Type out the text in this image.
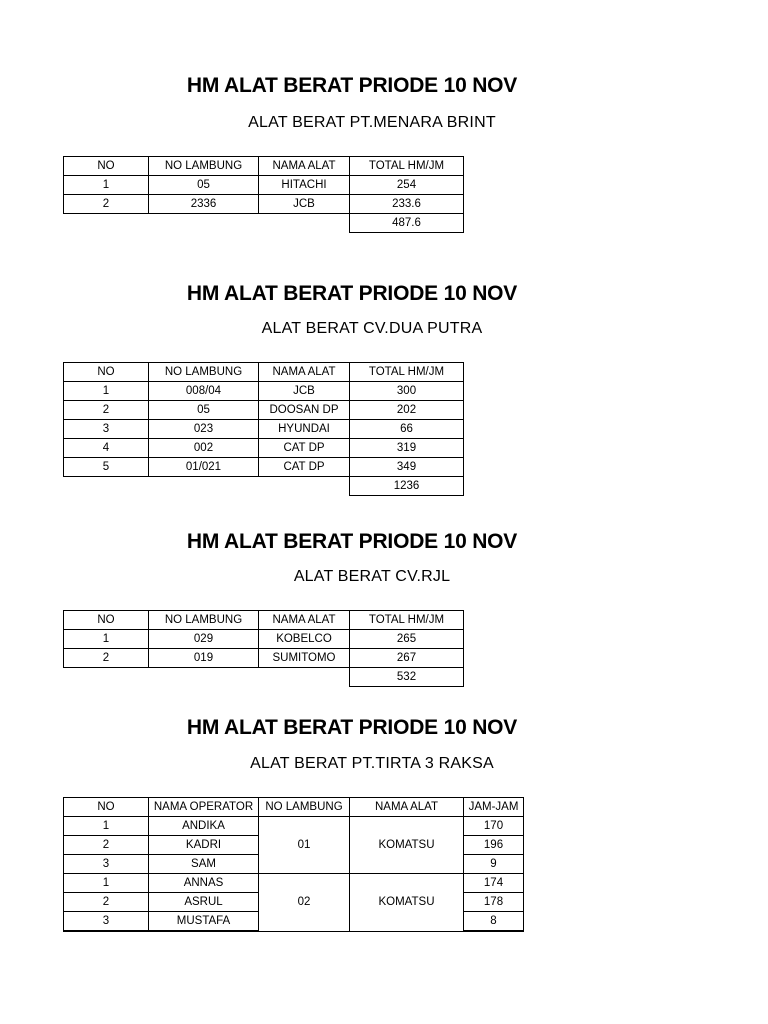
HM ALAT BERAT PRIODE 10 NOV
ALAT BERAT PT.MENARA BRINT
NO	NO LAMBUNG	NAMA ALAT	TOTAL HM/JM
1	05	HITACHI	254
2	2336	JCB	233.6
			487.6
HM ALAT BERAT PRIODE 10 NOV
ALAT BERAT CV.DUA PUTRA
NO	NO LAMBUNG	NAMA ALAT	TOTAL HM/JM
1	008/04	JCB	300
2	05	DOOSAN DP	202
3	023	HYUNDAI	66
4	002	CAT DP	319
5	01/021	CAT DP	349
			1236
HM ALAT BERAT PRIODE 10 NOV
ALAT BERAT CV.RJL
NO	NO LAMBUNG	NAMA ALAT	TOTAL HM/JM
1	029	KOBELCO	265
2	019	SUMITOMO	267
			532
HM ALAT BERAT PRIODE 10 NOV
ALAT BERAT PT.TIRTA 3 RAKSA
NO	NAMA OPERATOR	NO LAMBUNG	NAMA ALAT	JAM-JAM
1	ANDIKA	01	KOMATSU	170
2	KADRI			196
3	SAM			9
1	ANNAS	02	KOMATSU	174
2	ASRUL			178
3	MUSTAFA			8
